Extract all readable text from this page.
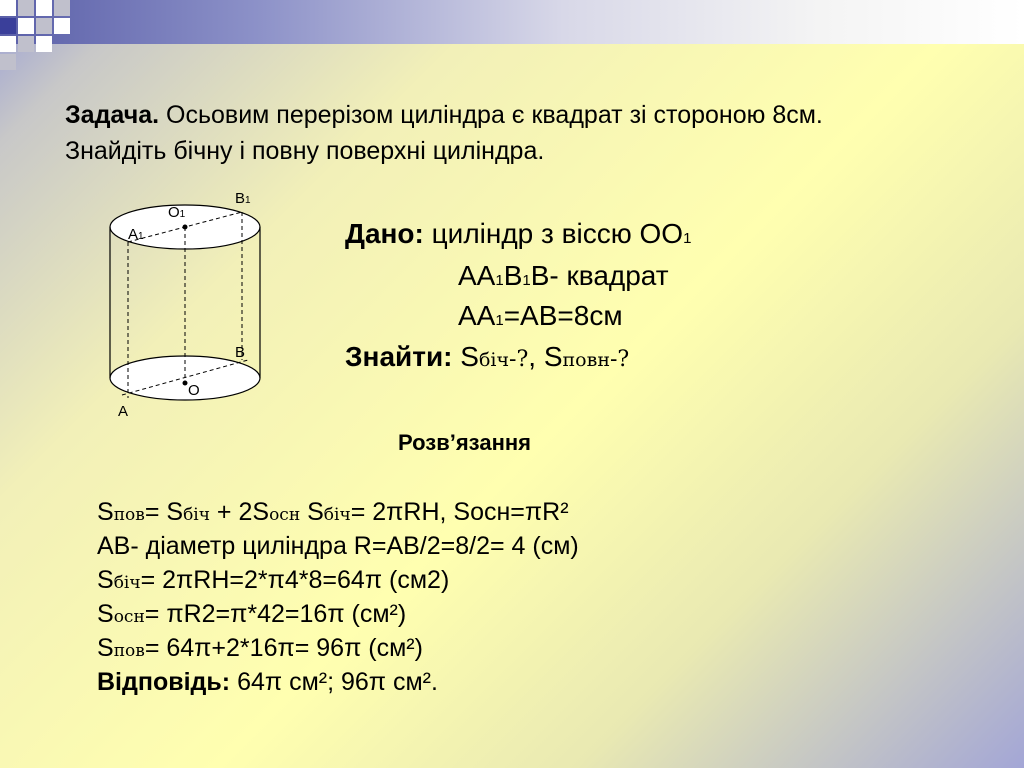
Задача. Осьовим перерізом циліндра є квадрат зі стороною 8см.
Знайдіть бічну і повну поверхні циліндра.
B1
O1
A1
B
O
A
Дано: циліндр з віссю OO1
AA1B1B- квадрат
AA1=AB=8см
Знайти: Sбіч-?, Sповн-?
Розв’язання
Sпов= Sбіч + 2Sосн Sбіч= 2πRH, Sосн=πR²
AB- діаметр циліндра R=AB/2=8/2= 4 (см)
Sбіч= 2πRH=2*π4*8=64π (см2)
Sосн= πR2=π*42=16π (см²)
Sпов= 64π+2*16π= 96π (см²)
Відповідь: 64π см²; 96π см².
